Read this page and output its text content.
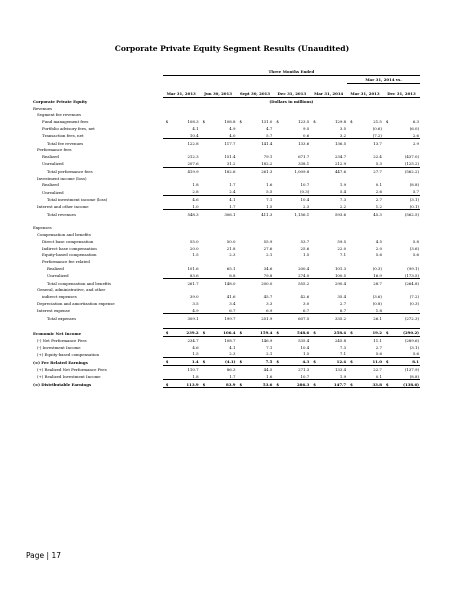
Corporate Private Equity Segment Results (Unaudited)
	Three Months Ended													
											Mar 31, 2014 vs.			
	Mar 31, 2013		Jun 30, 2013		Sept 30, 2013		Dec 31, 2013		Mar 31, 2014		Mar 31, 2013		Dec 31, 2013	
Corporate Private Equity	(Dollars in millions)													
Revenues														
Segment fee revenues														
Fund management fees	$	108.3	$	108.8	$	131.0	$	123.5	$	129.8	$	21.5	$	6.3
Portfolio advisory fees, net		4.1		4.9		4.7		9.5		3.5		(0.6)		(6.0)
Transaction fees, net		10.4		4.0		5.7		0.6		3.2		(7.2)		2.6
Total fee revenues		122.8		117.7		141.4		133.6		136.5		13.7		2.9
Performance fees														
Realized		212.3		151.4		79.1		671.7		234.7		22.4		(437.0)
Unrealized		207.6		31.2		182.2		338.1		212.9		5.3		(125.2)
Total performance fees		419.9		182.6		261.3		1,009.8		447.6		27.7		(562.2)
Investment income (loss)														
Realized		1.8		1.7		1.6		10.7		1.9		0.1		(8.8)
Unrealized		2.8		2.4		5.5		(0.3)		5.4		2.6		5.7
Total investment income (loss)		4.6		4.1		7.1		10.4		7.3		2.7		(3.1)
Interest and other income		1.0		1.7		1.5		2.3		2.2		1.2		(0.1)
Total revenues		548.3		306.1		411.3		1,156.1		593.6		45.3		(562.5)

Expenses														
Compensation and benefits														
Direct base compensation		55.0		50.0		55.9		53.7		59.5		4.5		5.8
Indirect base compensation		20.0		21.8		27.6		25.6		22.0		2.0		(3.6)
Equity-based compensation		1.5		2.3		2.1		1.5		7.1		5.6		5.6
Performance fee related														
Realized		101.6		65.1		34.6		200.4		101.3		(0.3)		(99.1)
Unrealized		83.6		8.8		79.8		274.0		100.5		16.9		(173.5)
Total compensation and benefits		261.7		148.0		200.0		555.2		290.4		28.7		(264.8)
General, administrative, and other														
indirect expenses		39.0		41.6		45.7		42.6		35.4		(3.6)		(7.2)
Depreciation and amortization expense		3.5		3.4		3.3		3.0		2.7		(0.8)		(0.3)
Interest expense		4.9		6.7		6.9		6.7		6.7		1.8		-
Total expenses		309.1		199.7		251.9		607.5		335.2		26.1		(272.3)

Economic Net Income	$	239.2	$	106.4	$	159.4	$	548.6	$	258.4	$	19.2	$	(290.2)
(-) Net Performance Fees		234.7		108.7		146.9		535.4		245.8		11.1		(289.6)
(-) Investment Income		4.6		4.1		7.1		10.4		7.3		2.7		(3.1)
(+) Equity-based compensation		1.5		2.3		2.1		1.5		7.1		5.6		5.6
(=) Fee Related Earnings	$	1.4	$	(4.1)	$	7.5	$	4.3	$	12.4	$	11.0	$	8.1
(+) Realized Net Performance Fees		110.7		86.3		44.5		271.3		133.4		22.7		(137.9)
(+) Realized Investment Income		1.8		1.7		1.6		10.7		1.9		0.1		(8.8)
(=) Distributable Earnings	$	113.9	$	83.9	$	53.6	$	286.3	$	147.7	$	33.8	$	(138.6)
Page | 17
